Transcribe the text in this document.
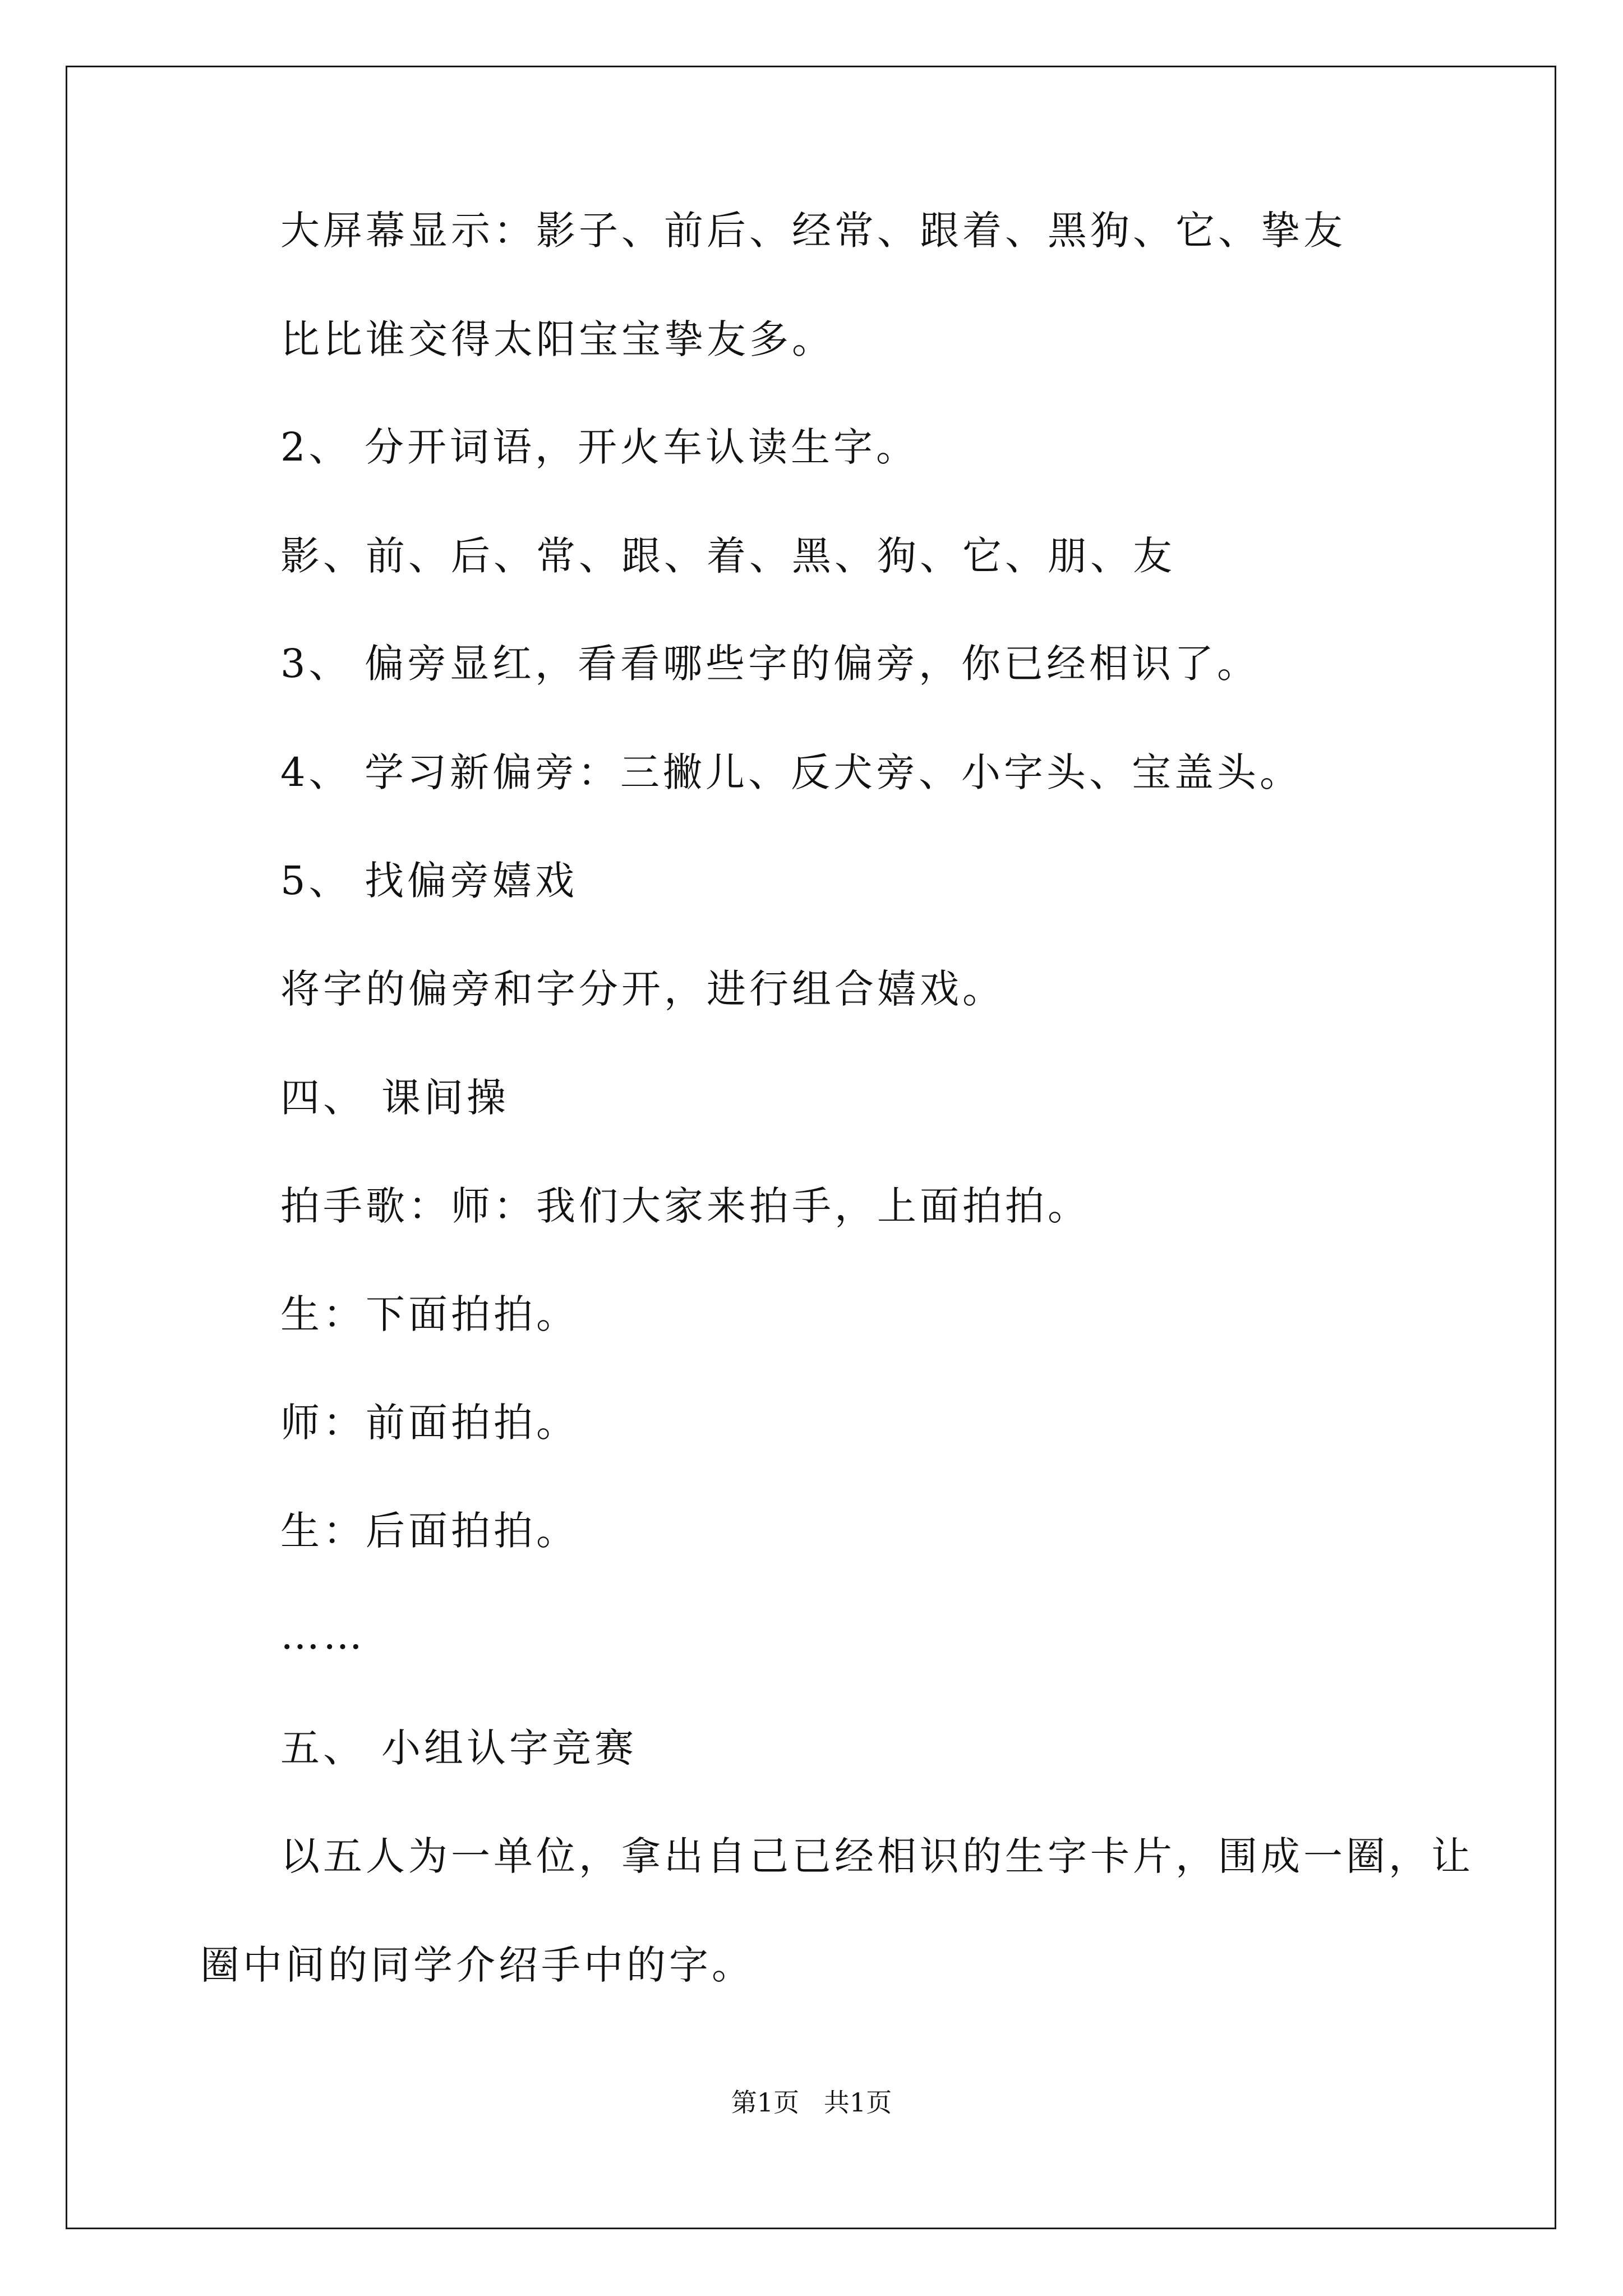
大屏幕显示：影子、前后、经常、跟着、黑狗、它、挚友
比比谁交得太阳宝宝挚友多。
2、 分开词语，开火车认读生字。
影、前、后、常、跟、着、黑、狗、它、朋、友
3、 偏旁显红，看看哪些字的偏旁，你已经相识了。
4、 学习新偏旁：三撇儿、反犬旁、小字头、宝盖头。
5、 找偏旁嬉戏
将字的偏旁和字分开，进行组合嬉戏。
四、 课间操
拍手歌：师：我们大家来拍手，上面拍拍。
生：下面拍拍。
师：前面拍拍。
生：后面拍拍。
……
五、 小组认字竞赛
以五人为一单位，拿出自己已经相识的生字卡片，围成一圈，让
圈中间的同学介绍手中的字。
第1页   共1页
